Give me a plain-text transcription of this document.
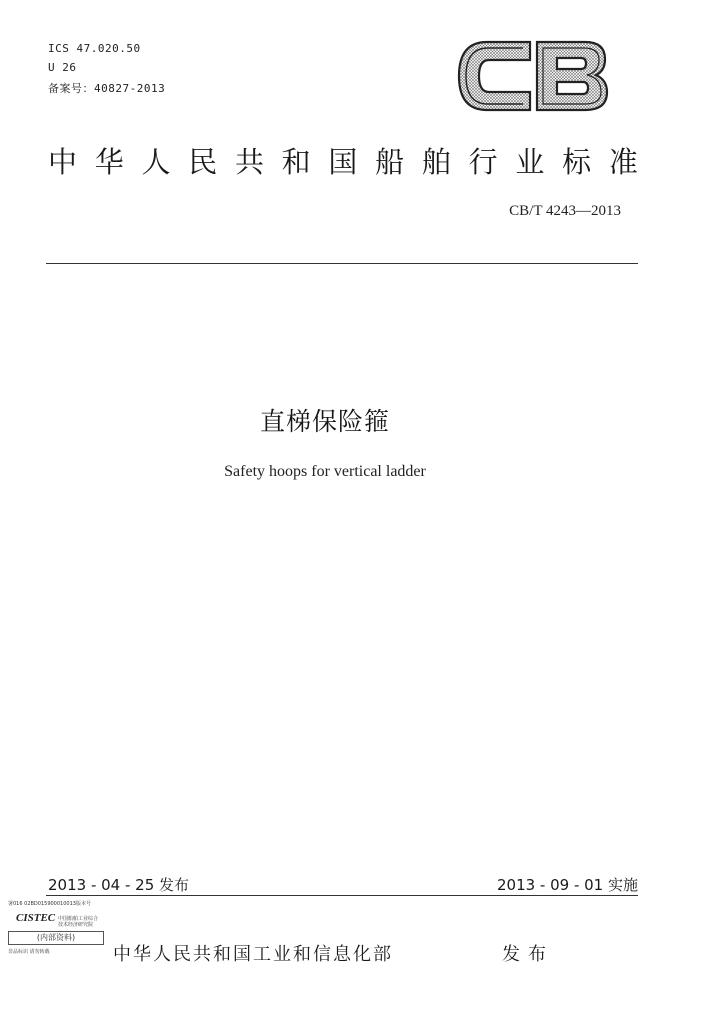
ICS 47.020.50
U 26
备案号：40827-2013	CB
中 华 人 民 共 和 国 船 舶 行 业 标 准
CB/T 4243—2013
直梯保险箍
Safety hoops for vertical ladder
2013 - 04 - 25 发布	2013 - 09 - 01 实施
署016 02BD015900010013版本号
CISTEC 中国船舶工业综合技术经济研究院
(内部资料)
非品标识 请勿转载	中华人民共和国工业和信息化部	发布
